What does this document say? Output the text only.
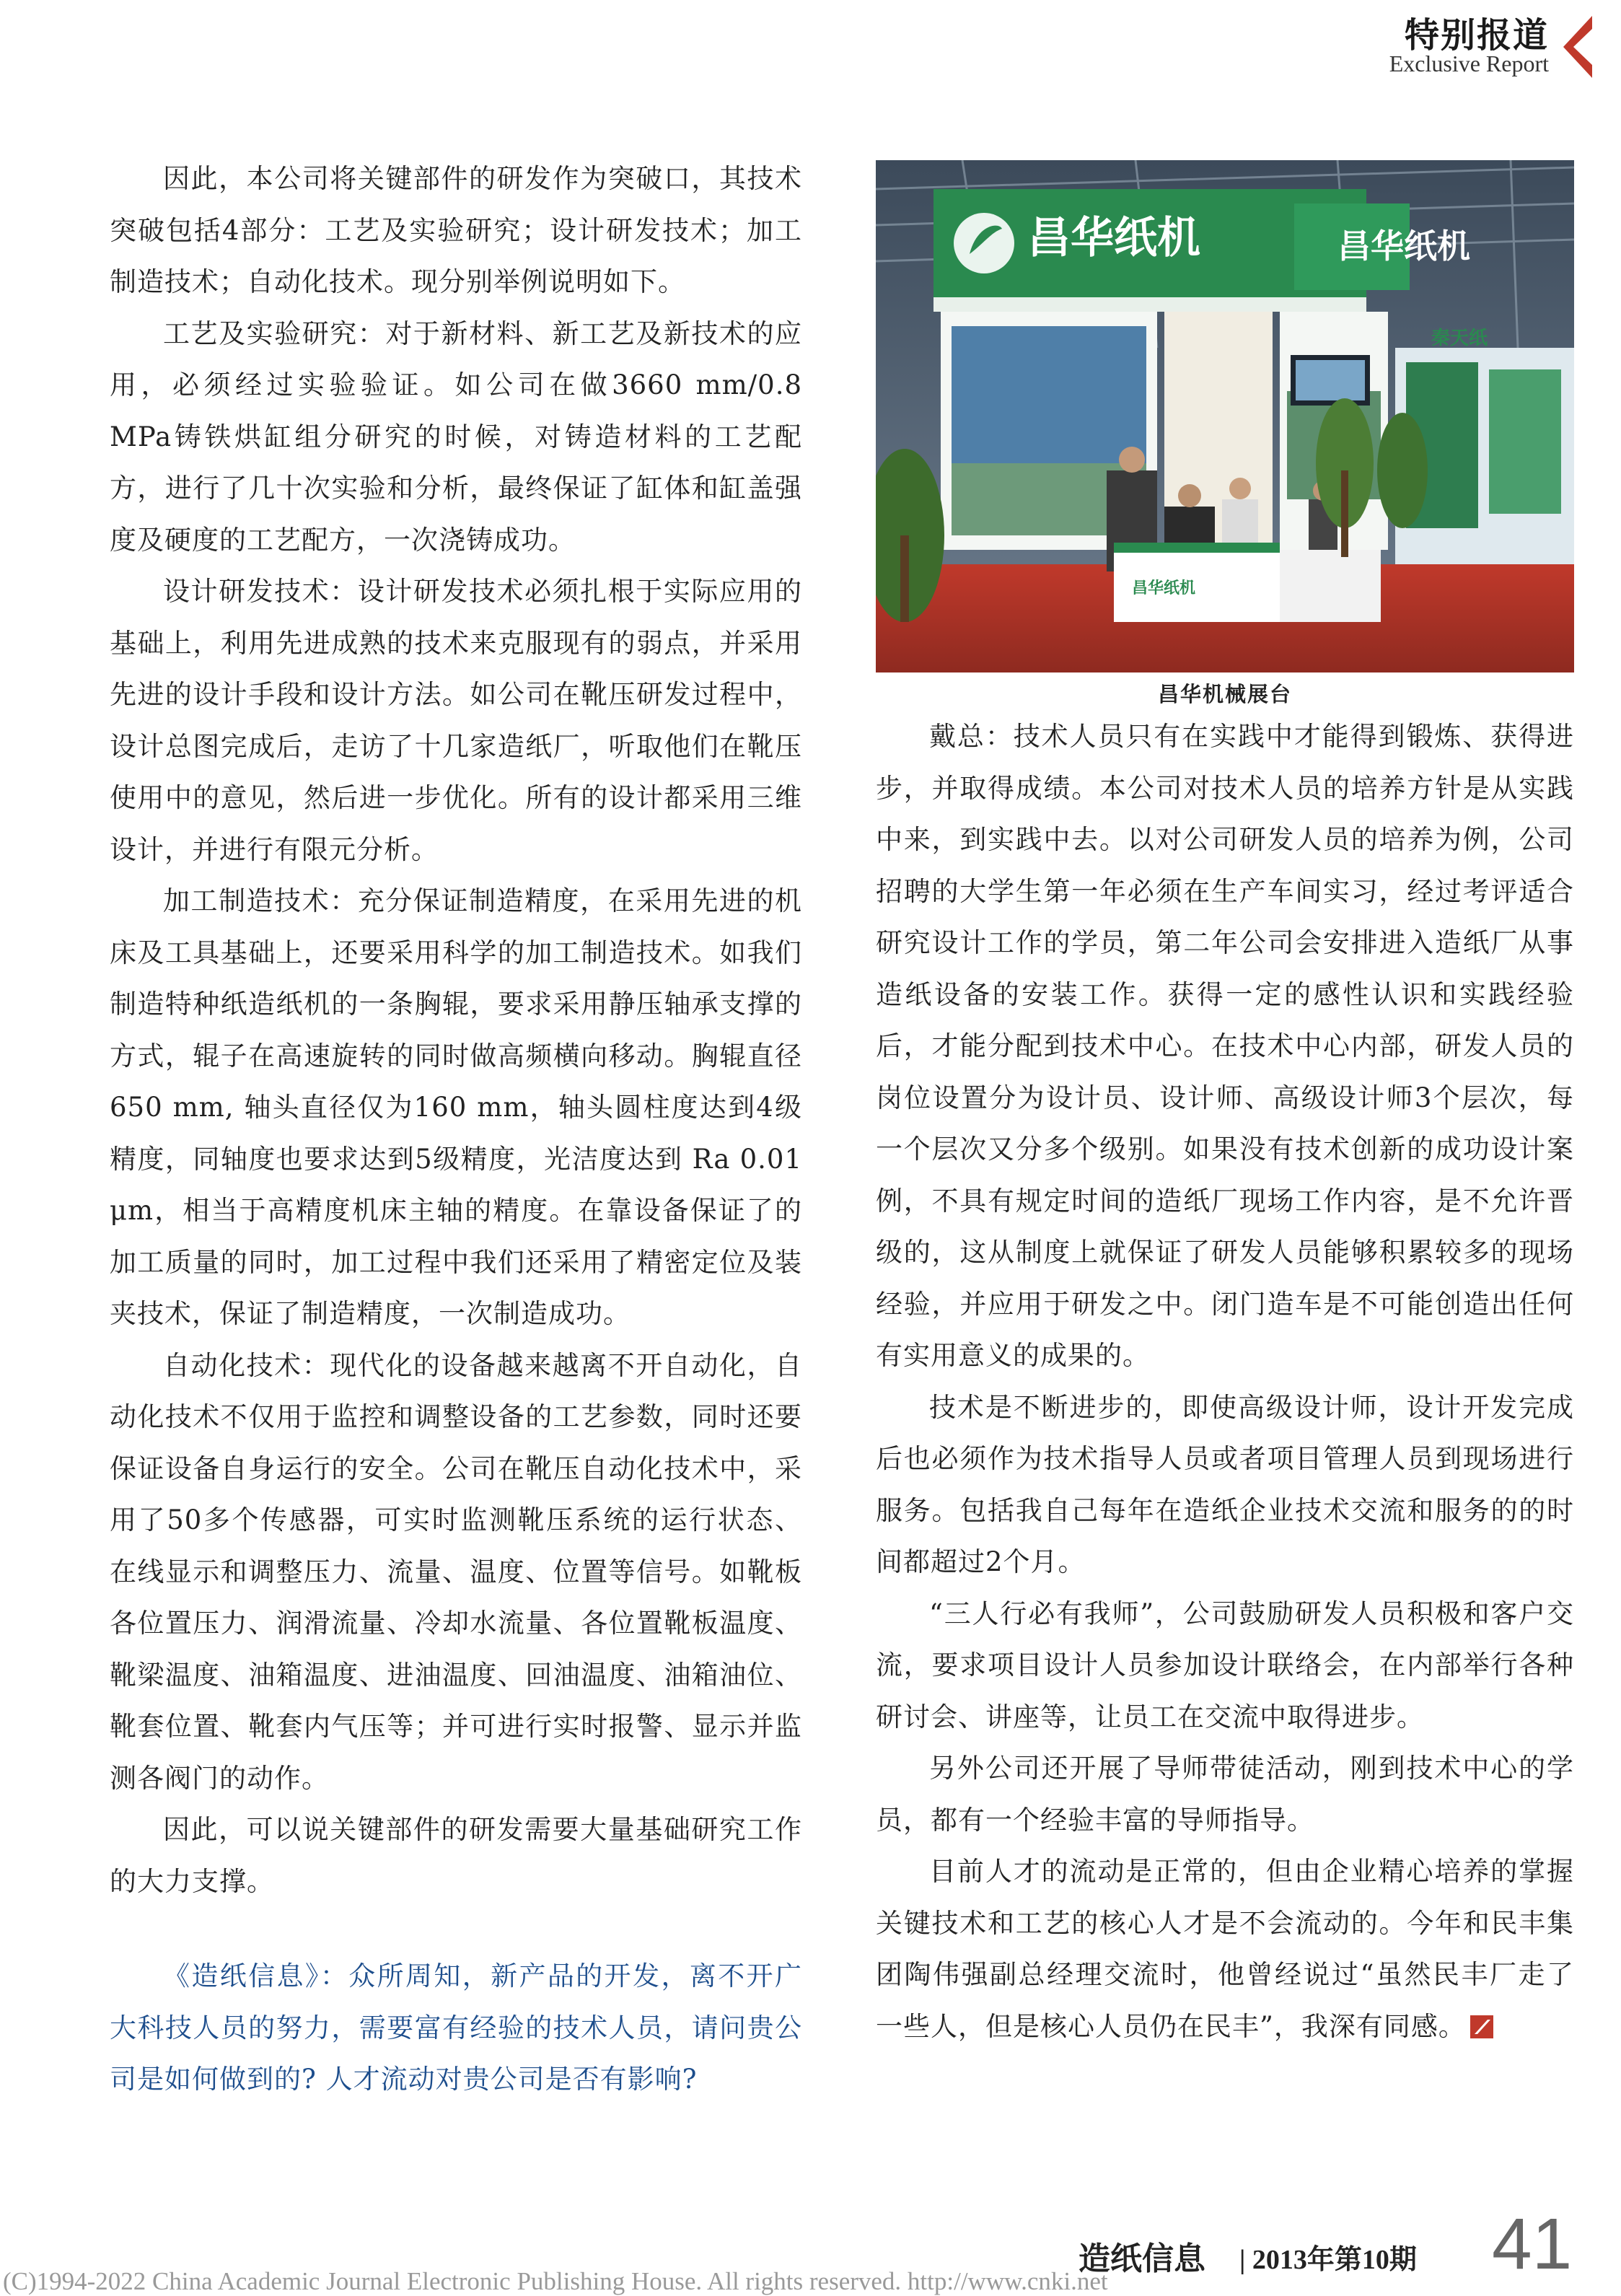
特别报道
Exclusive Report

因此，本公司将关键部件的研发作为突破口，其技术突破包括4部分：工艺及实验研究；设计研发技术；加工制造技术；自动化技术。现分别举例说明如下。

工艺及实验研究：对于新材料、新工艺及新技术的应用，必须经过实验验证。如公司在做3660 mm/0.8 MPa铸铁烘缸组分研究的时候，对铸造材料的工艺配方，进行了几十次实验和分析，最终保证了缸体和缸盖强度及硬度的工艺配方，一次浇铸成功。

设计研发技术：设计研发技术必须扎根于实际应用的基础上，利用先进成熟的技术来克服现有的弱点，并采用先进的设计手段和设计方法。如公司在靴压研发过程中，设计总图完成后，走访了十几家造纸厂，听取他们在靴压使用中的意见，然后进一步优化。所有的设计都采用三维设计，并进行有限元分析。

加工制造技术：充分保证制造精度，在采用先进的机床及工具基础上，还要采用科学的加工制造技术。如我们制造特种纸造纸机的一条胸辊，要求采用静压轴承支撑的方式，辊子在高速旋转的同时做高频横向移动。胸辊直径650 mm, 轴头直径仅为160 mm，轴头圆柱度达到4级精度，同轴度也要求达到5级精度，光洁度达到 Ra 0.01 μm，相当于高精度机床主轴的精度。在靠设备保证了的加工质量的同时，加工过程中我们还采用了精密定位及装夹技术，保证了制造精度，一次制造成功。

自动化技术：现代化的设备越来越离不开自动化，自动化技术不仅用于监控和调整设备的工艺参数，同时还要保证设备自身运行的安全。公司在靴压自动化技术中，采用了50多个传感器，可实时监测靴压系统的运行状态、在线显示和调整压力、流量、温度、位置等信号。如靴板各位置压力、润滑流量、冷却水流量、各位置靴板温度、靴梁温度、油箱温度、进油温度、回油温度、油箱油位、靴套位置、靴套内气压等；并可进行实时报警、显示并监测各阀门的动作。

因此，可以说关键部件的研发需要大量基础研究工作的大力支撑。

《造纸信息》：众所周知，新产品的开发，离不开广大科技人员的努力，需要富有经验的技术人员，请问贵公司是如何做到的? 人才流动对贵公司是否有影响?

昌华纸机	昌华纸机
秦天纸
昌华纸机
昌华机械展台

戴总：技术人员只有在实践中才能得到锻炼、获得进步，并取得成绩。本公司对技术人员的培养方针是从实践中来，到实践中去。以对公司研发人员的培养为例，公司招聘的大学生第一年必须在生产车间实习，经过考评适合研究设计工作的学员，第二年公司会安排进入造纸厂从事造纸设备的安装工作。获得一定的感性认识和实践经验后，才能分配到技术中心。在技术中心内部，研发人员的岗位设置分为设计员、设计师、高级设计师3个层次，每一个层次又分多个级别。如果没有技术创新的成功设计案例，不具有规定时间的造纸厂现场工作内容，是不允许晋级的，这从制度上就保证了研发人员能够积累较多的现场经验，并应用于研发之中。闭门造车是不可能创造出任何有实用意义的成果的。

技术是不断进步的，即使高级设计师，设计开发完成后也必须作为技术指导人员或者项目管理人员到现场进行服务。包括我自己每年在造纸企业技术交流和服务的的时间都超过2个月。

“三人行必有我师”，公司鼓励研发人员积极和客户交流，要求项目设计人员参加设计联络会，在内部举行各种研讨会、讲座等，让员工在交流中取得进步。

另外公司还开展了导师带徒活动，刚到技术中心的学员，都有一个经验丰富的导师指导。

目前人才的流动是正常的，但由企业精心培养的掌握关键技术和工艺的核心人才是不会流动的。今年和民丰集团陶伟强副总经理交流时，他曾经说过“虽然民丰厂走了一些人，但是核心人员仍在民丰”，我深有同感。

造纸信息 | 2013年第10期 41
(C)1994-2022 China Academic Journal Electronic Publishing House. All rights reserved. http://www.cnki.net
